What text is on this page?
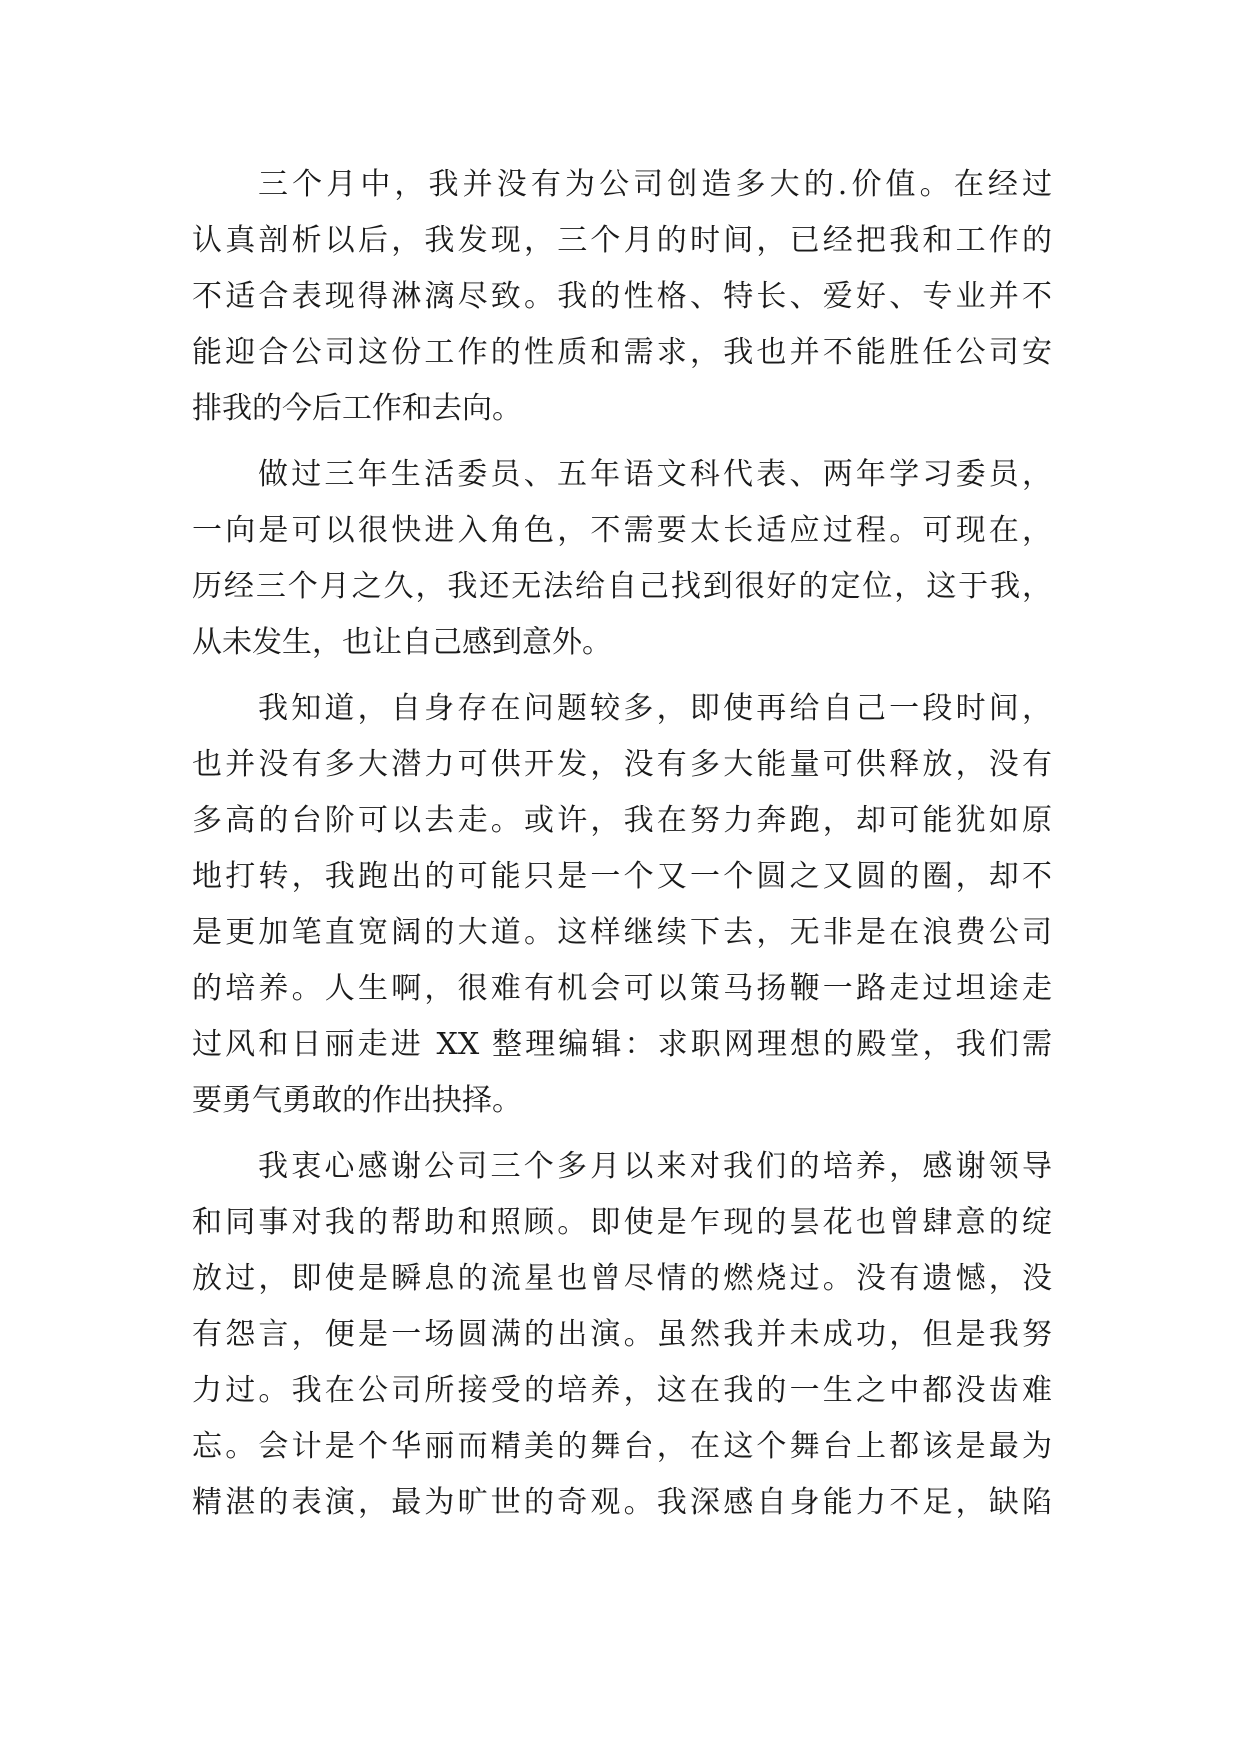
三个月中，我并没有为公司创造多大的.价值。在经过
认真剖析以后，我发现，三个月的时间，已经把我和工作的
不适合表现得淋漓尽致。我的性格、特长、爱好、专业并不
能迎合公司这份工作的性质和需求，我也并不能胜任公司安
排我的今后工作和去向。
做过三年生活委员、五年语文科代表、两年学习委员，
一向是可以很快进入角色，不需要太长适应过程。可现在，
历经三个月之久，我还无法给自己找到很好的定位，这于我，
从未发生，也让自己感到意外。
我知道，自身存在问题较多，即使再给自己一段时间，
也并没有多大潜力可供开发，没有多大能量可供释放，没有
多高的台阶可以去走。或许，我在努力奔跑，却可能犹如原
地打转，我跑出的可能只是一个又一个圆之又圆的圈，却不
是更加笔直宽阔的大道。这样继续下去，无非是在浪费公司
的培养。人生啊，很难有机会可以策马扬鞭一路走过坦途走
过风和日丽走进 XX 整理编辑：求职网理想的殿堂，我们需
要勇气勇敢的作出抉择。
我衷心感谢公司三个多月以来对我们的培养，感谢领导
和同事对我的帮助和照顾。即使是乍现的昙花也曾肆意的绽
放过，即使是瞬息的流星也曾尽情的燃烧过。没有遗憾，没
有怨言，便是一场圆满的出演。虽然我并未成功，但是我努
力过。我在公司所接受的培养，这在我的一生之中都没齿难
忘。会计是个华丽而精美的舞台，在这个舞台上都该是最为
精湛的表演，最为旷世的奇观。我深感自身能力不足，缺陷
